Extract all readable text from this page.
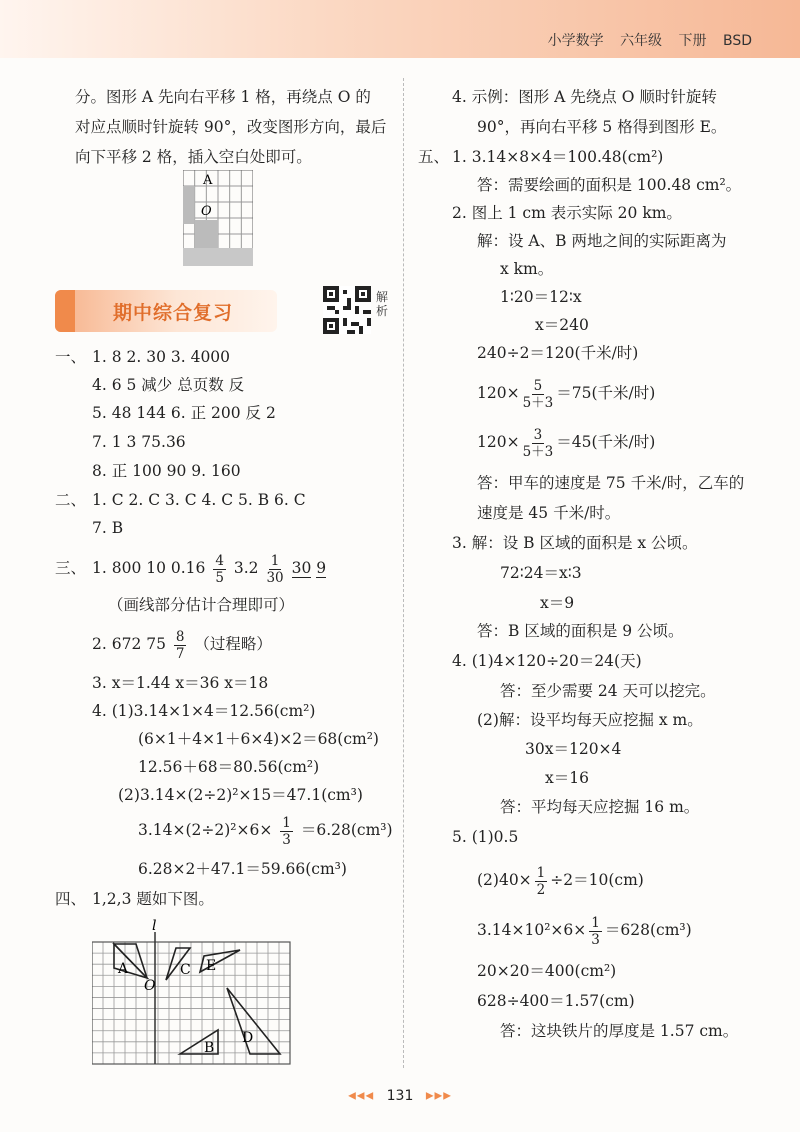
小学数学 六年级 下册 BSD
分。图形 A 先向右平移 1 格，再绕点 O 的
对应点顺时针旋转 90°，改变图形方向，最后
向下平移 2 格，插入空白处即可。
A
O
期中综合复习
解析
一、 1. 8 2. 30 3. 4000
4. 6 5 减少 总页数 反
5. 48 144 6. 正 200 反 2
7. 1 3 75.36
8. 正 100 90 9. 160
二、 1. C 2. C 3. C 4. C 5. B 6. C
7. B
三、 1. 800 10 $0.16 \frac{4}{5} 3.2 \frac{1}{30} 30$ 9
（画线部分估计合理即可）
2. 672 $75 \frac{8}{7}$ （过程略）
3. x＝1.44 x＝36 x＝18
4. (1)3.14×1×4＝12.56(cm²)
(6×1＋4×1＋6×4)×2＝68(cm²)
12.56＋68＝80.56(cm²)
(2)3.14×(2÷2)²×15＝47.1(cm³)
$3.14\times(2\div 2)^2\times 6\times \frac{1}{3} =6.28(cm^3)$
6.28×2＋47.1＝59.66(cm³)
四、 1,2,3 题如下图。
l
A
O
C E
B
D
4. 示例：图形 A 先绕点 O 顺时针旋转
90°，再向右平移 5 格得到图形 E。
五、 1. 3.14×8×4＝100.48(cm²)
答：需要绘画的面积是 100.48 cm²。
2. 图上 1 cm 表示实际 20 km。
解：设 A、B 两地之间的实际距离为
x km。
1∶20＝12∶x
x＝240
240÷2＝120(千米/时)
$120\times \frac{5}{5+3} =75$(千米/时)
$120\times \frac{3}{5+3} =45$(千米/时)
答：甲车的速度是 75 千米/时，乙车的
速度是 45 千米/时。
3. 解：设 B 区域的面积是 x 公顷。
72∶24＝x∶3
x＝9
答：B 区域的面积是 9 公顷。
4. (1)4×120÷20＝24(天)
答：至少需要 24 天可以挖完。
(2)解：设平均每天应挖掘 x m。
30x＝120×4
x＝16
答：平均每天应挖掘 16 m。
5. (1)0.5
$(2)40\times \frac{1}{2} \div 2=10(cm)$
$3.14\times 10^2\times 6\times \frac{1}{3} =628(cm^3)$
20×20＝400(cm²)
628÷400＝1.57(cm)
答：这块铁片的厚度是 1.57 cm。
◀◀◀ 131 ▶▶▶
